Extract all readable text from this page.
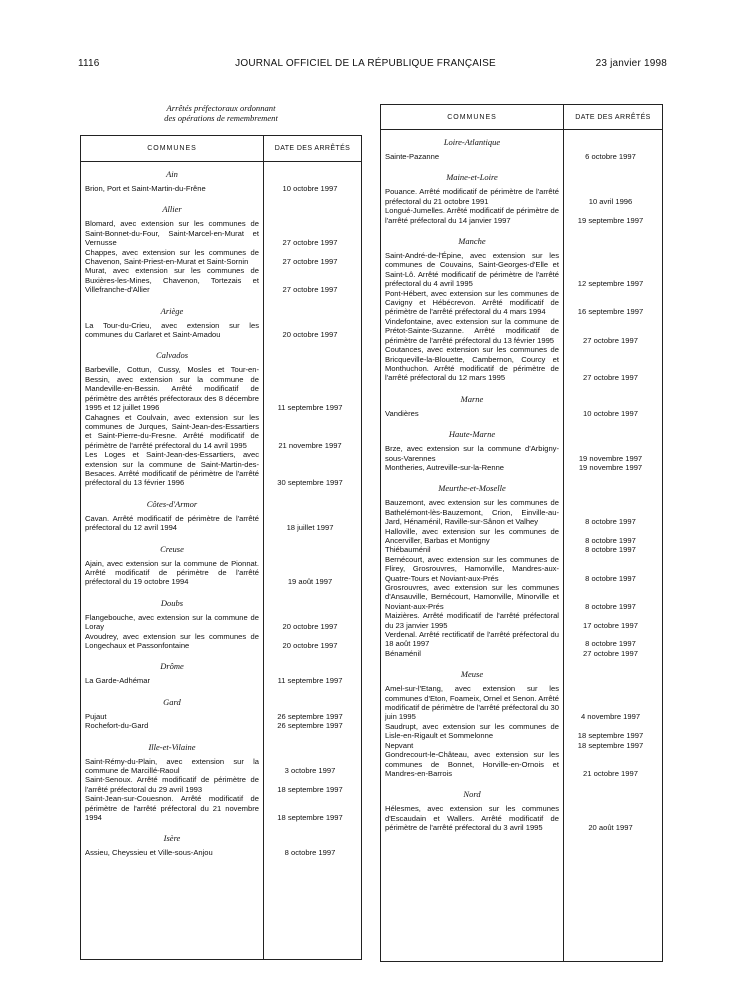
1116	JOURNAL OFFICIEL DE LA RÉPUBLIQUE FRANÇAISE	23 janvier 1998
Arrêtés préfectoraux ordonnant
des opérations de remembrement
COMMUNES	DATE DES ARRÊTÉS
Ain
Brion, Port et Saint-Martin-du-Frêne	10 octobre 1997
Allier
Blomard, avec extension sur les communes de Saint-Bonnet-du-Four, Saint-Marcel-en-Murat et Vernusse	27 octobre 1997
Chappes, avec extension sur les communes de Chavenon, Saint-Priest-en-Murat et Saint-Sornin	27 octobre 1997
Murat, avec extension sur les communes de Buxières-les-Mines, Chavenon, Tortezais et Villefranche-d'Allier	27 octobre 1997
Ariège
La Tour-du-Crieu, avec extension sur les communes du Carlaret et Saint-Amadou	20 octobre 1997
Calvados
Barbeville, Cottun, Cussy, Mosles et Tour-en-Bessin, avec extension sur la commune de Mandeville-en-Bessin. Arrêté modificatif de périmètre des arrêtés préfectoraux des 8 décembre 1995 et 12 juillet 1996	11 septembre 1997
Cahagnes et Coulvain, avec extension sur les communes de Jurques, Saint-Jean-des-Essartiers et Saint-Pierre-du-Fresne. Arrêté modificatif de périmètre de l'arrêté préfectoral du 14 avril 1995	21 novembre 1997
Les Loges et Saint-Jean-des-Essartiers, avec extension sur la commune de Saint-Martin-des-Besaces. Arrêté modificatif de périmètre de l'arrêté préfectoral du 13 février 1996	30 septembre 1997
Côtes-d'Armor
Cavan. Arrêté modificatif de périmètre de l'arrêté préfectoral du 12 avril 1994	18 juillet 1997
Creuse
Ajain, avec extension sur la commune de Pionnat. Arrêté modificatif de périmètre de l'arrêté préfectoral du 19 octobre 1994	19 août 1997
Doubs
Flangebouche, avec extension sur la commune de Loray	20 octobre 1997
Avoudrey, avec extension sur les communes de Longechaux et Passonfontaine	20 octobre 1997
Drôme
La Garde-Adhémar	11 septembre 1997
Gard
Pujaut	26 septembre 1997
Rochefort-du-Gard	26 septembre 1997
Ille-et-Vilaine
Saint-Rémy-du-Plain, avec extension sur la commune de Marcillé-Raoul	3 octobre 1997
Saint-Senoux. Arrêté modificatif de périmètre de l'arrêté préfectoral du 29 avril 1993	18 septembre 1997
Saint-Jean-sur-Couesnon. Arrêté modificatif de périmètre de l'arrêté préfectoral du 21 novembre 1994	18 septembre 1997
Isère
Assieu, Cheyssieu et Ville-sous-Anjou	8 octobre 1997
COMMUNES	DATE DES ARRÊTÉS
Loire-Atlantique
Sainte-Pazanne	6 octobre 1997
Maine-et-Loire
Pouance. Arrêté modificatif de périmètre de l'arrêté préfectoral du 21 octobre 1991	10 avril 1996
Longué-Jumelles. Arrêté modificatif de périmètre de l'arrêté préfectoral du 14 janvier 1997	19 septembre 1997
Manche
Saint-André-de-l'Épine, avec extension sur les communes de Couvains, Saint-Georges-d'Elle et Saint-Lô. Arrêté modificatif de périmètre de l'arrêté préfectoral du 4 avril 1995	12 septembre 1997
Pont-Hébert, avec extension sur les communes de Cavigny et Hébécrevon. Arrêté modificatif de périmètre de l'arrêté préfectoral du 4 mars 1994	16 septembre 1997
Vindefontaine, avec extension sur la commune de Prétot-Sainte-Suzanne. Arrêté modificatif de périmètre de l'arrêté préfectoral du 13 février 1995	27 octobre 1997
Coutances, avec extension sur les communes de Bricqueville-la-Blouette, Cambernon, Courcy et Monthuchon. Arrêté modificatif de périmètre de l'arrêté préfectoral du 12 mars 1995	27 octobre 1997
Marne
Vandières	10 octobre 1997
Haute-Marne
Brze, avec extension sur la commune d'Arbigny-sous-Varennes	19 novembre 1997
Montheries, Autreville-sur-la-Renne	19 novembre 1997
Meurthe-et-Moselle
Bauzemont, avec extension sur les communes de Bathelémont-lès-Bauzemont, Crion, Einville-au-Jard, Hénaménil, Raville-sur-Sânon et Valhey	8 octobre 1997
Halloville, avec extension sur les communes de Ancerviller, Barbas et Montigny	8 octobre 1997
Thiébauménil	8 octobre 1997
Bernécourt, avec extension sur les communes de Flirey, Grosrouvres, Hamonville, Mandres-aux-Quatre-Tours et Noviant-aux-Prés	8 octobre 1997
Grosrouvres, avec extension sur les communes d'Ansauville, Bernécourt, Hamonville, Minorville et Noviant-aux-Prés	8 octobre 1997
Maizières. Arrêté modificatif de l'arrêté préfectoral du 23 janvier 1995	17 octobre 1997
Verdenal. Arrêté rectificatif de l'arrêté préfectoral du 18 août 1997	8 octobre 1997
Bénaménil	27 octobre 1997
Meuse
Amel-sur-l'Etang, avec extension sur les communes d'Eton, Foameix, Ornel et Senon. Arrêté modificatif de périmètre de l'arrêté préfectoral du 30 juin 1995	4 novembre 1997
Saudrupt, avec extension sur les communes de Lisle-en-Rigault et Sommelonne	18 septembre 1997
Nepvant	18 septembre 1997
Gondrecourt-le-Château, avec extension sur les communes de Bonnet, Horville-en-Ornois et Mandres-en-Barrois	21 octobre 1997
Nord
Hélesmes, avec extension sur les communes d'Escaudain et Wallers. Arrêté modificatif de périmètre de l'arrêté préfectoral du 3 avril 1995	20 août 1997
